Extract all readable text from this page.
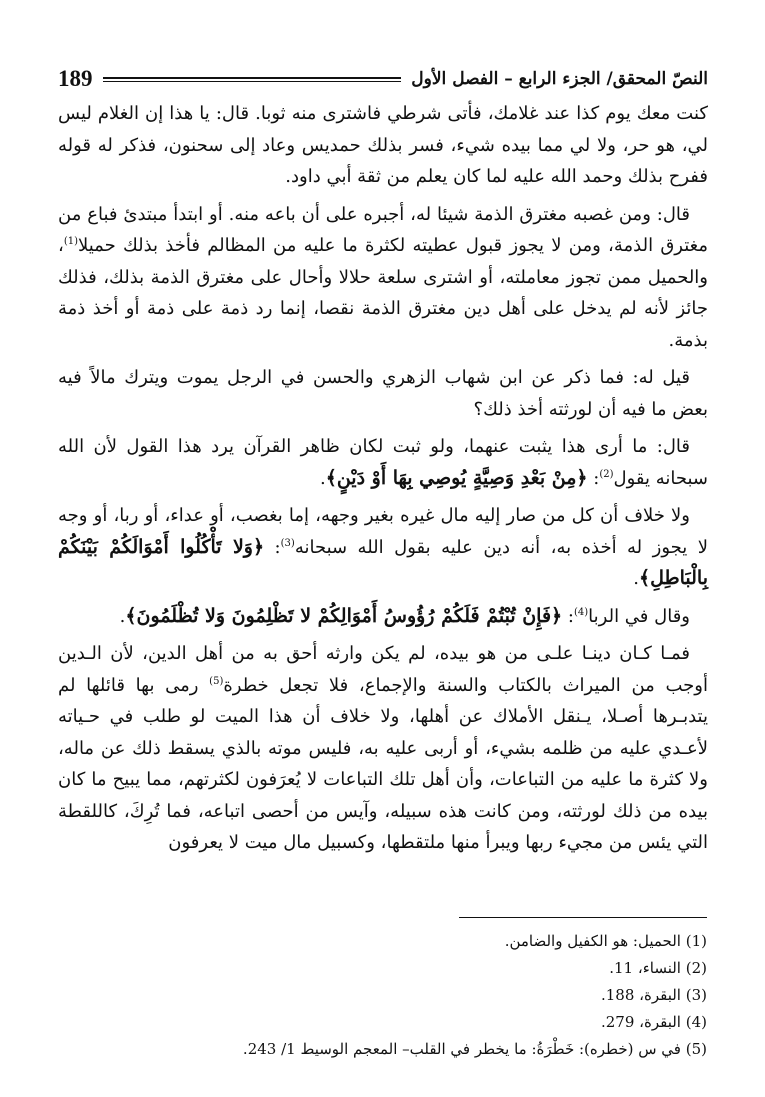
النصّ المحقق/ الجزء الرابع – الفصل الأول
189

كنت معك يوم كذا عند غلامك، فأتى شرطي فاشترى منه ثوبا. قال: يا هذا إن الغلام ليس لي، هو حر، ولا لي مما بيده شيء، فسر بذلك حمديس وعاد إلى سحنون، فذكر له قوله ففرح بذلك وحمد الله عليه لما كان يعلم من ثقة أبي داود.

قال: ومن غصبه مغترق الذمة شيئا له، أجبره على أن باعه منه. أو ابتدأ مبتدئ فباع من مغترق الذمة، ومن لا يجوز قبول عطيته لكثرة ما عليه من المظالم فأخذ بذلك حميلا$^{(1)}$، والحميل ممن تجوز معاملته، أو اشترى سلعة حلالا وأحال على مغترق الذمة بذلك، فذلك جائز لأنه لم يدخل على أهل دين مغترق الذمة نقصا، إنما رد ذمة على ذمة أو أخذ ذمة بذمة.

قيل له: فما ذكر عن ابن شهاب الزهري والحسن في الرجل يموت ويترك مالاً فيه بعض ما فيه أن لورثته أخذ ذلك؟

قال: ما أرى هذا يثبت عنهما، ولو ثبت لكان ظاهر القرآن يرد هذا القول لأن الله سبحانه يقول$^{(2)}$: ﴿مِنْ بَعْدِ وَصِيَّةٍ يُوصِي بِهَا أَوْ دَيْنٍ﴾.

ولا خلاف أن كل من صار إليه مال غيره بغير وجهه، إما بغصب، أو عداء، أو ربا، أو وجه لا يجوز له أخذه به، أنه دين عليه بقول الله سبحانه$^{(3)}$: ﴿وَلا تَأْكُلُوا أَمْوَالَكُمْ بَيْنَكُمْ بِالْبَاطِلِ﴾.

وقال في الربا$^{(4)}$: ﴿فَإِنْ تُبْتُمْ فَلَكُمْ رُؤُوسُ أَمْوَالِكُمْ لا تَظْلِمُونَ وَلا تُظْلَمُونَ﴾.

فمـا كـان دينـا علـى من هو بيده، لم يكن وارثه أحق به من أهل الدين، لأن الـدين أوجب من الميراث بالكتاب والسنة والإجماع، فلا تجعل خطرة$^{(5)}$ رمى بها قائلها لم يتدبـرها أصـلا، يـنقل الأملاك عن أهلها، ولا خلاف أن هذا الميت لو طلب في حـياته لأعـدي عليه من ظلمه بشيء، أو أربى عليه به، فليس موته بالذي يسقط ذلك عن ماله، ولا كثرة ما عليه من التباعات، وأن أهل تلك التباعات لا يُعرَفون لكثرتهم، مما يبيح ما كان بيده من ذلك لورثته، ومن كانت هذه سبيله، وآيس من أحصى اتباعه، فما تُرِكَ، كاللقطة التي يئس من مجيء ربها ويبرأ منها ملتقطها، وكسبيل مال ميت لا يعرفون

(1) الحميل: هو الكفيل والضامن.
(2) النساء، 11.
(3) البقرة، 188.
(4) البقرة، 279.
(5) في س (خطره): خَطْرَةُ: ما يخطر في القلب– المعجم الوسيط 1/ 243.
